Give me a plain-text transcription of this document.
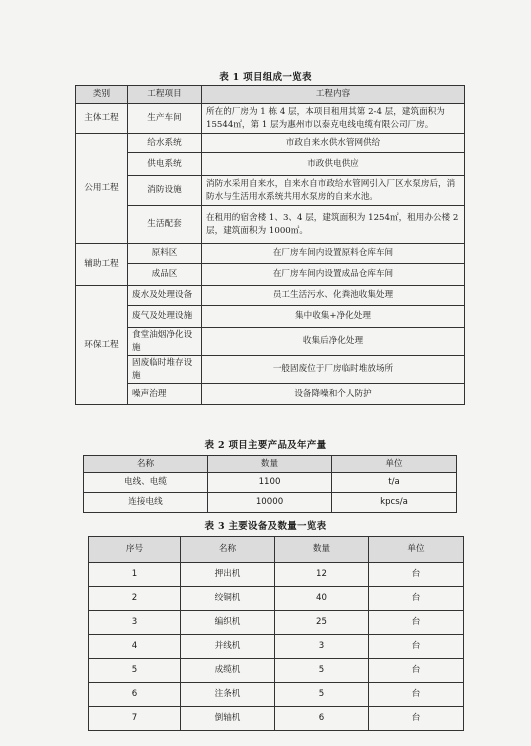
表 1 项目组成一览表
类别	工程项目	工程内容
主体工程	生产车间	所在的厂房为 1 栋 4 层，本项目租用其第 2-4 层，建筑面积为 15544㎡，第 1 层为惠州市以泰克电线电缆有限公司厂房。
公用工程	给水系统	市政自来水供水管网供给
	供电系统	市政供电供应
	消防设施	消防水采用自来水，自来水自市政给水管网引入厂区水泵房后，消防水与生活用水系统共用水泵房的自来水池。
	生活配套	在租用的宿舍楼 1、3、4 层，建筑面积为 1254㎡，租用办公楼 2 层，建筑面积为 1000㎡。
辅助工程	原料区	在厂房车间内设置原料仓库车间
	成品区	在厂房车间内设置成品仓库车间
环保工程	废水及处理设备	员工生活污水、化粪池收集处理
	废气及处理设施	集中收集+净化处理
	食堂油烟净化设施	收集后净化处理
	固废临时堆存设施	一般固废位于厂房临时堆放场所
	噪声治理	设备降噪和个人防护
表 2 项目主要产品及年产量
名称	数量	单位
电线、电缆	1100	t/a
连接电线	10000	kpcs/a
表 3 主要设备及数量一览表
序号	名称	数量	单位
1	押出机	12	台
2	绞铜机	40	台
3	编织机	25	台
4	并线机	3	台
5	成缆机	5	台
6	注条机	5	台
7	倒轴机	6	台
